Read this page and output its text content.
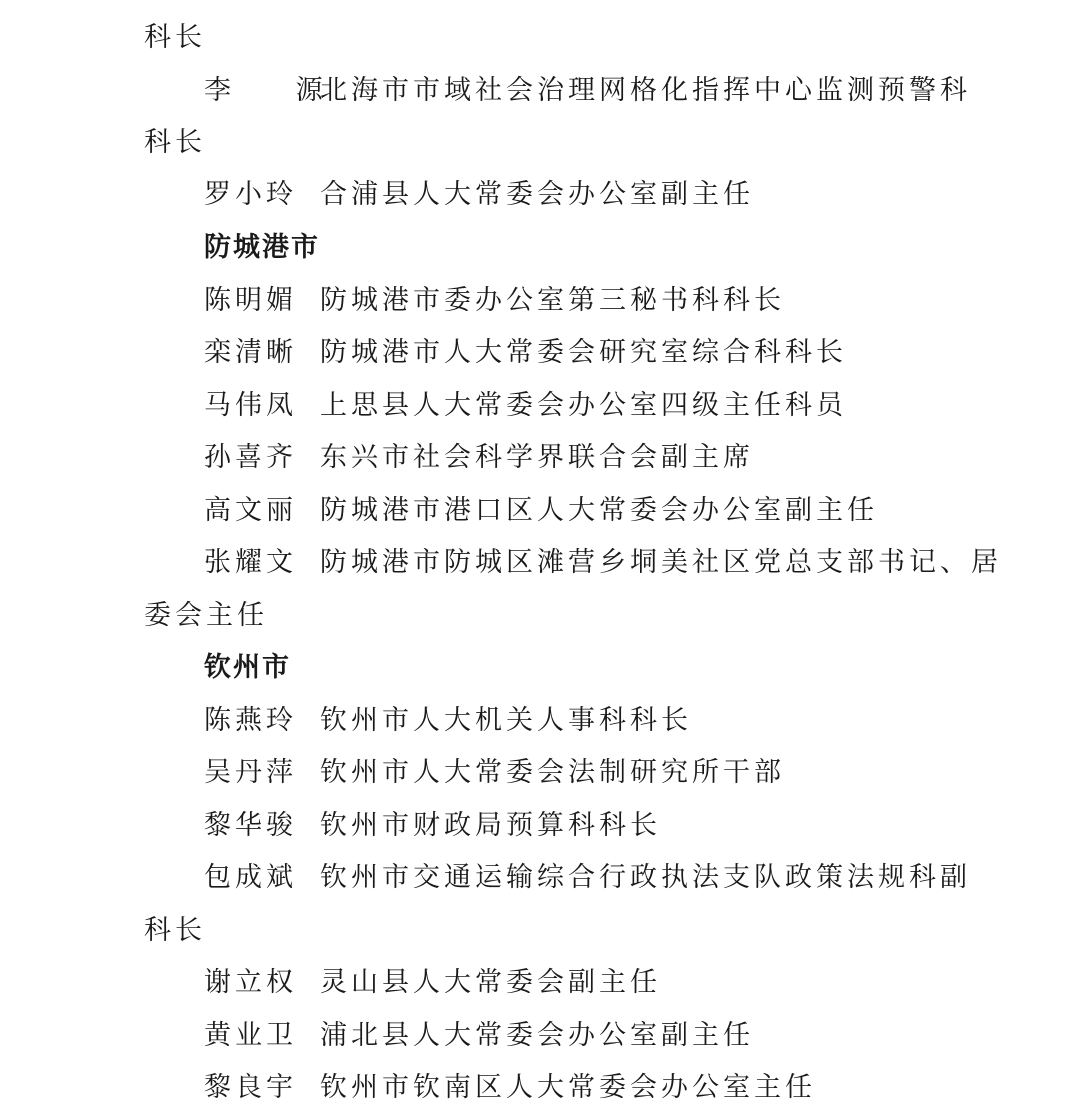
科长
李 源北海市市域社会治理网格化指挥中心监测预警科
科长
罗小玲 合浦县人大常委会办公室副主任
防城港市
陈明媚 防城港市委办公室第三秘书科科长
栾清晰 防城港市人大常委会研究室综合科科长
马伟凤 上思县人大常委会办公室四级主任科员
孙喜齐 东兴市社会科学界联合会副主席
高文丽 防城港市港口区人大常委会办公室副主任
张耀文 防城港市防城区滩营乡垌美社区党总支部书记、居
委会主任
钦州市
陈燕玲 钦州市人大机关人事科科长
吴丹萍 钦州市人大常委会法制研究所干部
黎华骏 钦州市财政局预算科科长
包成斌 钦州市交通运输综合行政执法支队政策法规科副
科长
谢立权 灵山县人大常委会副主任
黄业卫 浦北县人大常委会办公室副主任
黎良宇 钦州市钦南区人大常委会办公室主任
